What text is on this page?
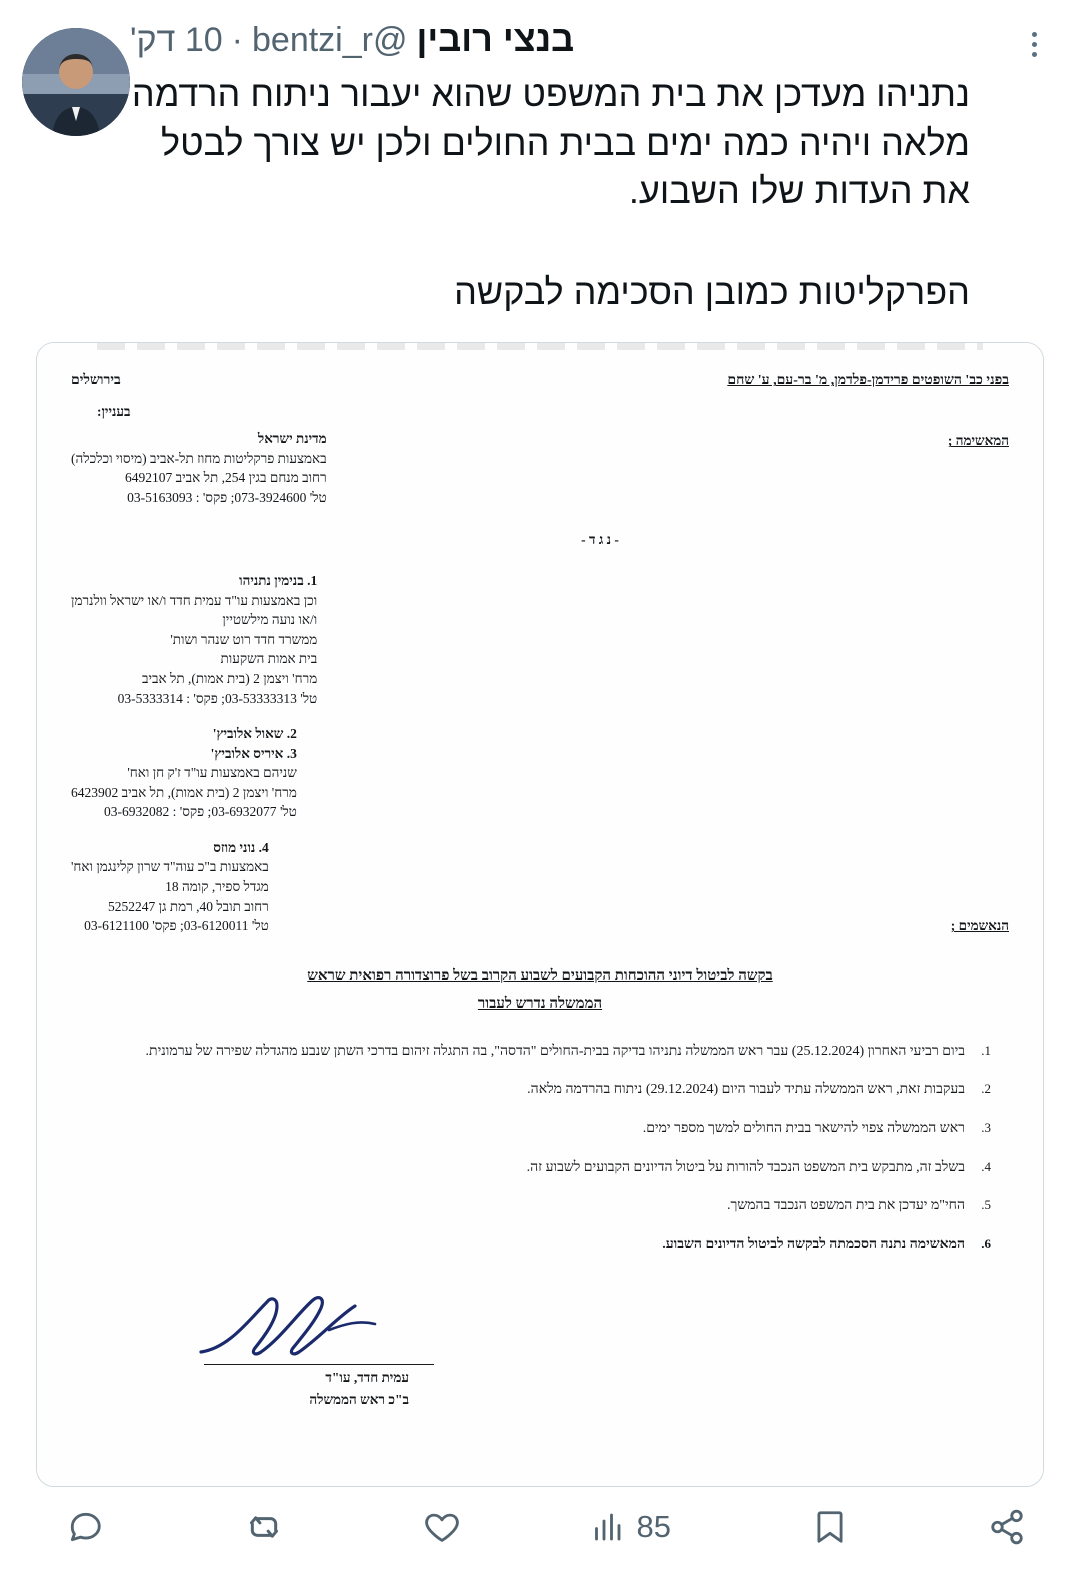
בנצי רובין
@bentzi_r
·
10 דק'
נתניהו מעדכן את בית המשפט שהוא יעבור ניתוח הרדמה מלאה ויהיה כמה ימים בבית החולים ולכן יש צורך לבטל את העדות שלו השבוע.
הפרקליטות כמובן הסכימה לבקשה
בפני כב' השופטים פרידמן-פלדמן, מ' בר-עם, ע' שחם
בירושלים
בעניין:
המאשימה ;
מדינת ישראל
באמצעות פרקליטות מחוז תל-אביב (מיסוי וכלכלה)
רחוב מנחם בגין 254, תל אביב 6492107
טל' 073-3924600; פקס' : 03-5163093
- נ ג ד -
1. בנימין נתניהו
וכן באמצעות עו"ד עמית חדד ו/או ישראל וולנרמן
ו/או נועה מילשטיין
ממשרד חדד רוט שנהר ושות'
בית אמות השקעות
מרח' ויצמן 2 (בית אמות), תל אביב
טל' 03-53333313; פקס' : 03-5333314
2. שאול אלוביץ'
3. איריס אלוביץ'
שניהם באמצעות עו"ד ז'ק חן ואח'
מרח' ויצמן 2 (בית אמות), תל אביב 6423902
טל' 03-6932077; פקס' : 03-6932082
הנאשמים ;
4. נוני מוזס
באמצעות ב"כ עוה"ד שרון קלינגמן ואח'
מגדל ספיר, קומה 18
רחוב תובל 40, רמת גן 5252247
טל' 03-6120011; פקס' 03-6121100
בקשה לביטול דיוני ההוכחות הקבועים לשבוע הקרוב בשל פרוצדורה רפואית שראש
הממשלה נדרש לעבור
ביום רביעי האחרון (25.12.2024) עבר ראש הממשלה נתניהו בדיקה בבית-החולים "הדסה", בה התגלה זיהום בדרכי השתן שנבע מהגדלה שפירה של ערמונית.
בעקבות זאת, ראש הממשלה עתיד לעבור היום (29.12.2024) ניתוח בהרדמה מלאה.
ראש הממשלה צפוי להישאר בבית החולים למשך מספר ימים.
בשלב זה, מתבקש בית המשפט הנכבד להורות על ביטול הדיונים הקבועים לשבוע זה.
החי"מ יעדכן את בית המשפט הנכבד בהמשך.
המאשימה נתנה הסכמתה לבקשה לביטול הדיונים השבוע.
עמית חדד, עו"ד
ב"כ ראש הממשלה
85
